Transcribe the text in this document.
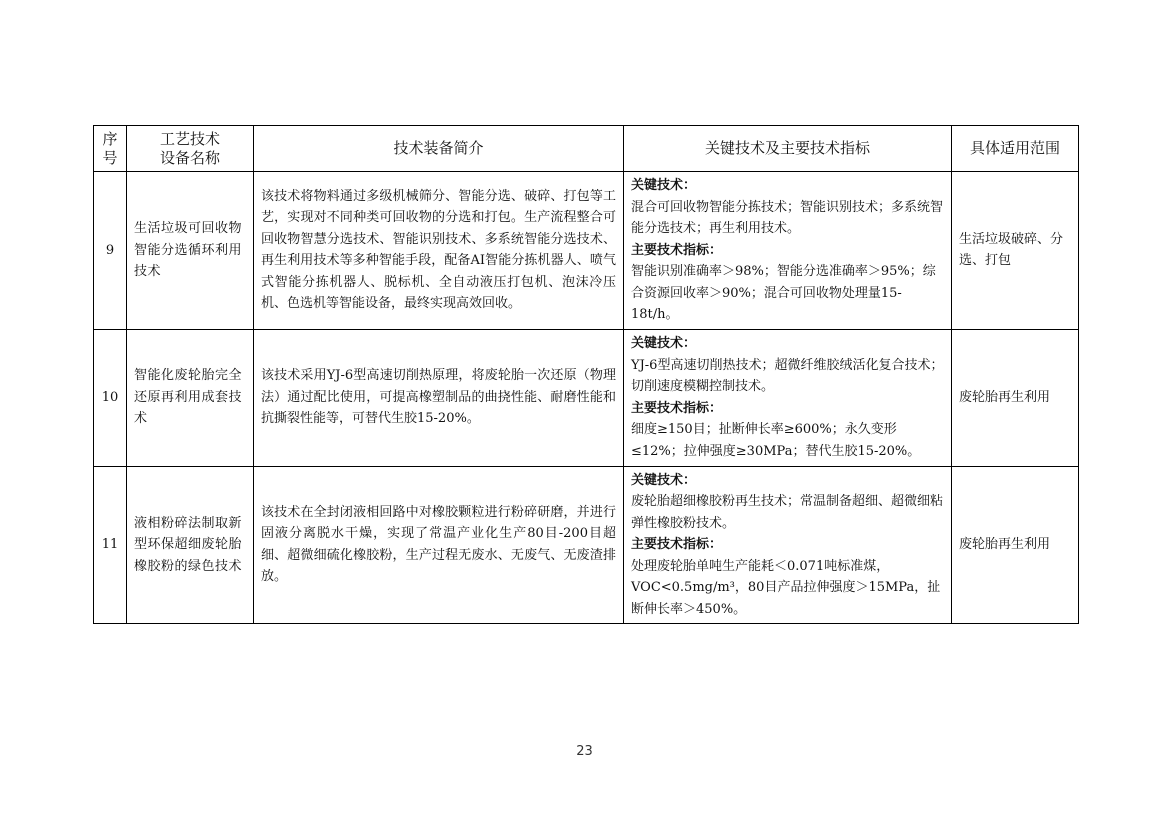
序
号	工艺技术
设备名称	技术装备简介	关键技术及主要技术指标	具体适用范围
9	生活垃圾可回收物智能分选循环利用技术	该技术将物料通过多级机械筛分、智能分选、破碎、打包等工艺，实现对不同种类可回收物的分选和打包。生产流程整合可回收物智慧分选技术、智能识别技术、多系统智能分选技术、再生利用技术等多种智能手段，配备AI智能分拣机器人、喷气式智能分拣机器人、脱标机、全自动液压打包机、泡沫冷压机、色选机等智能设备，最终实现高效回收。	关键技术：
混合可回收物智能分拣技术；智能识别技术；多系统智能分选技术；再生利用技术。
主要技术指标：
智能识别准确率＞98%；智能分选准确率＞95%；综合资源回收率＞90%；混合可回收物处理量15-18t/h。	生活垃圾破碎、分选、打包
10	智能化废轮胎完全还原再利用成套技术	该技术采用YJ-6型高速切削热原理，将废轮胎一次还原（物理法）通过配比使用，可提高橡塑制品的曲挠性能、耐磨性能和抗撕裂性能等，可替代生胶15-20%。	关键技术：
YJ-6型高速切削热技术；超微纤维胶绒活化复合技术；切削速度模糊控制技术。
主要技术指标：
细度≥150目；扯断伸长率≥600%；永久变形≤12%；拉伸强度≥30MPa；替代生胶15-20%。	废轮胎再生利用
11	液相粉碎法制取新型环保超细废轮胎橡胶粉的绿色技术	该技术在全封闭液相回路中对橡胶颗粒进行粉碎研磨，并进行固液分离脱水干燥，实现了常温产业化生产80目-200目超细、超微细硫化橡胶粉，生产过程无废水、无废气、无废渣排放。	关键技术：
废轮胎超细橡胶粉再生技术；常温制备超细、超微细粘弹性橡胶粉技术。
主要技术指标：
处理废轮胎单吨生产能耗＜0.071吨标准煤，VOC<0.5mg/m³，80目产品拉伸强度＞15MPa，扯断伸长率＞450%。	废轮胎再生利用
23
